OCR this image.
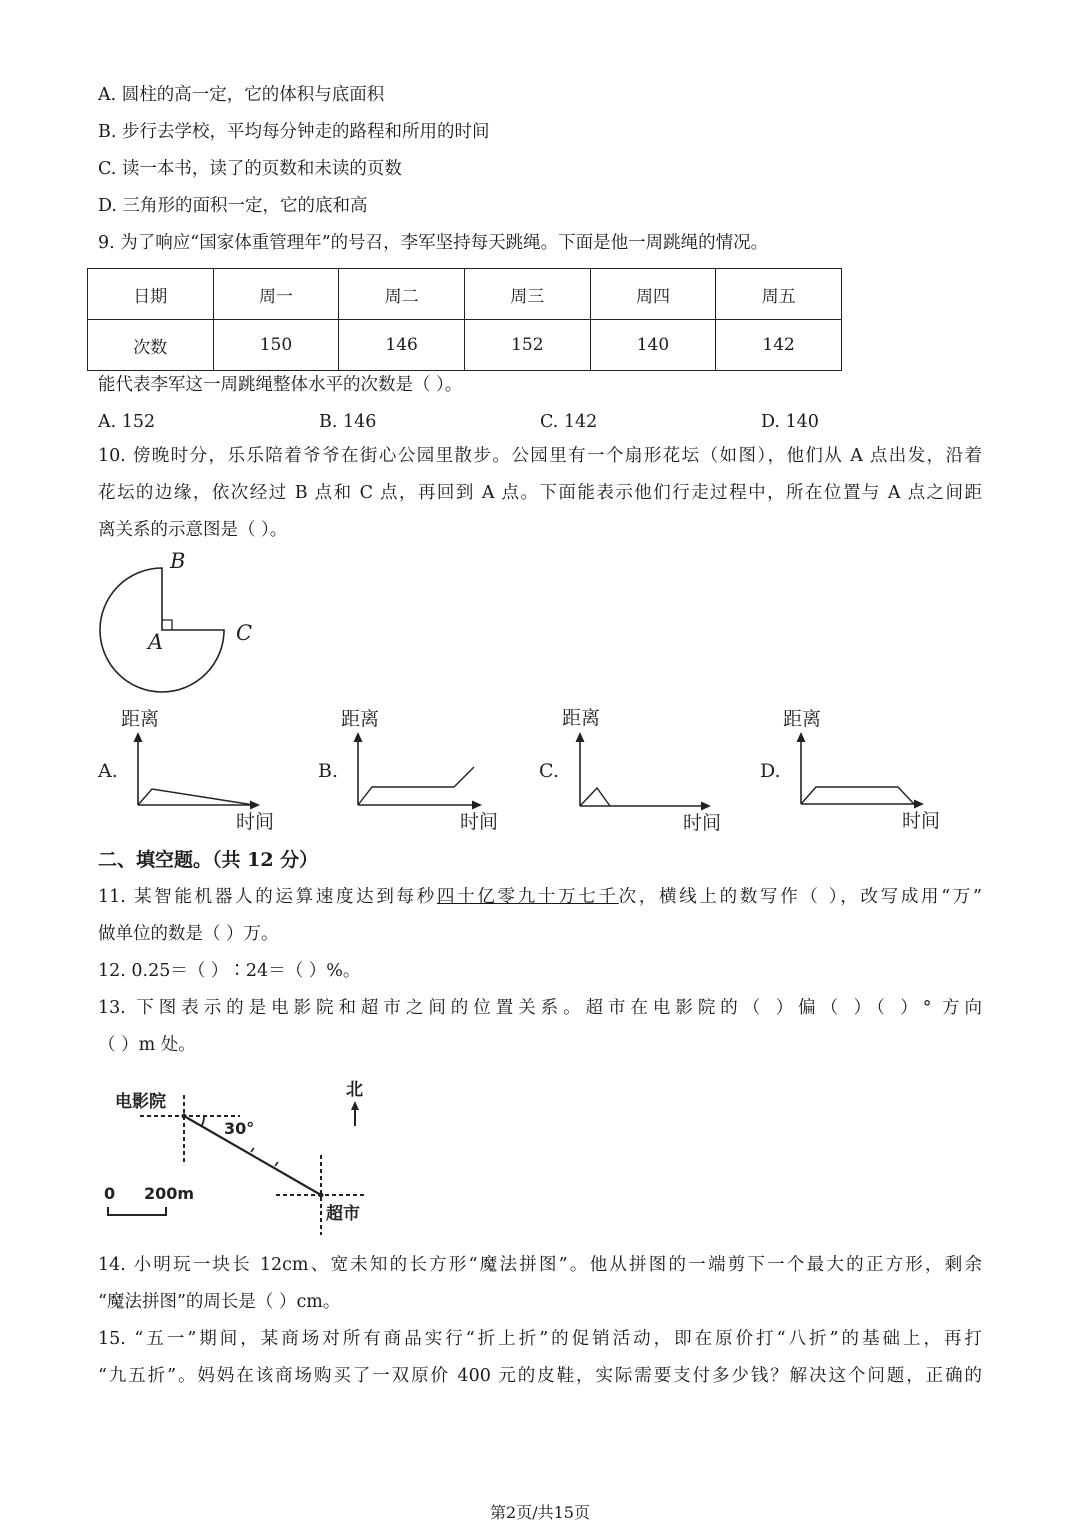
A. 圆柱的高一定，它的体积与底面积
B. 步行去学校，平均每分钟走的路程和所用的时间
C. 读一本书，读了的页数和未读的页数
D. 三角形的面积一定，它的底和高
9. 为了响应“国家体重管理年”的号召，李军坚持每天跳绳。下面是他一周跳绳的情况。
日期	周一	周二	周三	周四	周五
次数	150	146	152	140	142
能代表李军这一周跳绳整体水平的次数是（ ）。
A. 152	B. 146	C. 142	D. 140
10. 傍晚时分，乐乐陪着爷爷在街心公园里散步。公园里有一个扇形花坛（如图），他们从 A 点出发，沿着
花坛的边缘，依次经过 B 点和 C 点，再回到 A 点。下面能表示他们行走过程中，所在位置与 A 点之间距
离关系的示意图是（ ）。
B
A	C
A.
距离
时间
B.
距离
时间
C.
距离
时间
D.
距离
时间
二、填空题。（共 12 分）
11. 某智能机器人的运算速度达到每秒四十亿零九十万七千次，横线上的数写作（ ），改写成用“万”
做单位的数是（ ）万。
12. 0.25＝（ ）∶24＝（ ）%。
13. 下图表示的是电影院和超市之间的位置关系。超市在电影院的（ ）偏（ ）（ ）° 方向
（ ）m 处。
电影院
30°
超市
北
0 200m
14. 小明玩一块长 12cm、宽未知的长方形“魔法拼图”。他从拼图的一端剪下一个最大的正方形，剩余
“魔法拼图”的周长是（ ）cm。
15. “五一”期间，某商场对所有商品实行“折上折”的促销活动，即在原价打“八折”的基础上，再打
“九五折”。妈妈在该商场购买了一双原价 400 元的皮鞋，实际需要支付多少钱？解决这个问题，正确的
第2页/共15页
